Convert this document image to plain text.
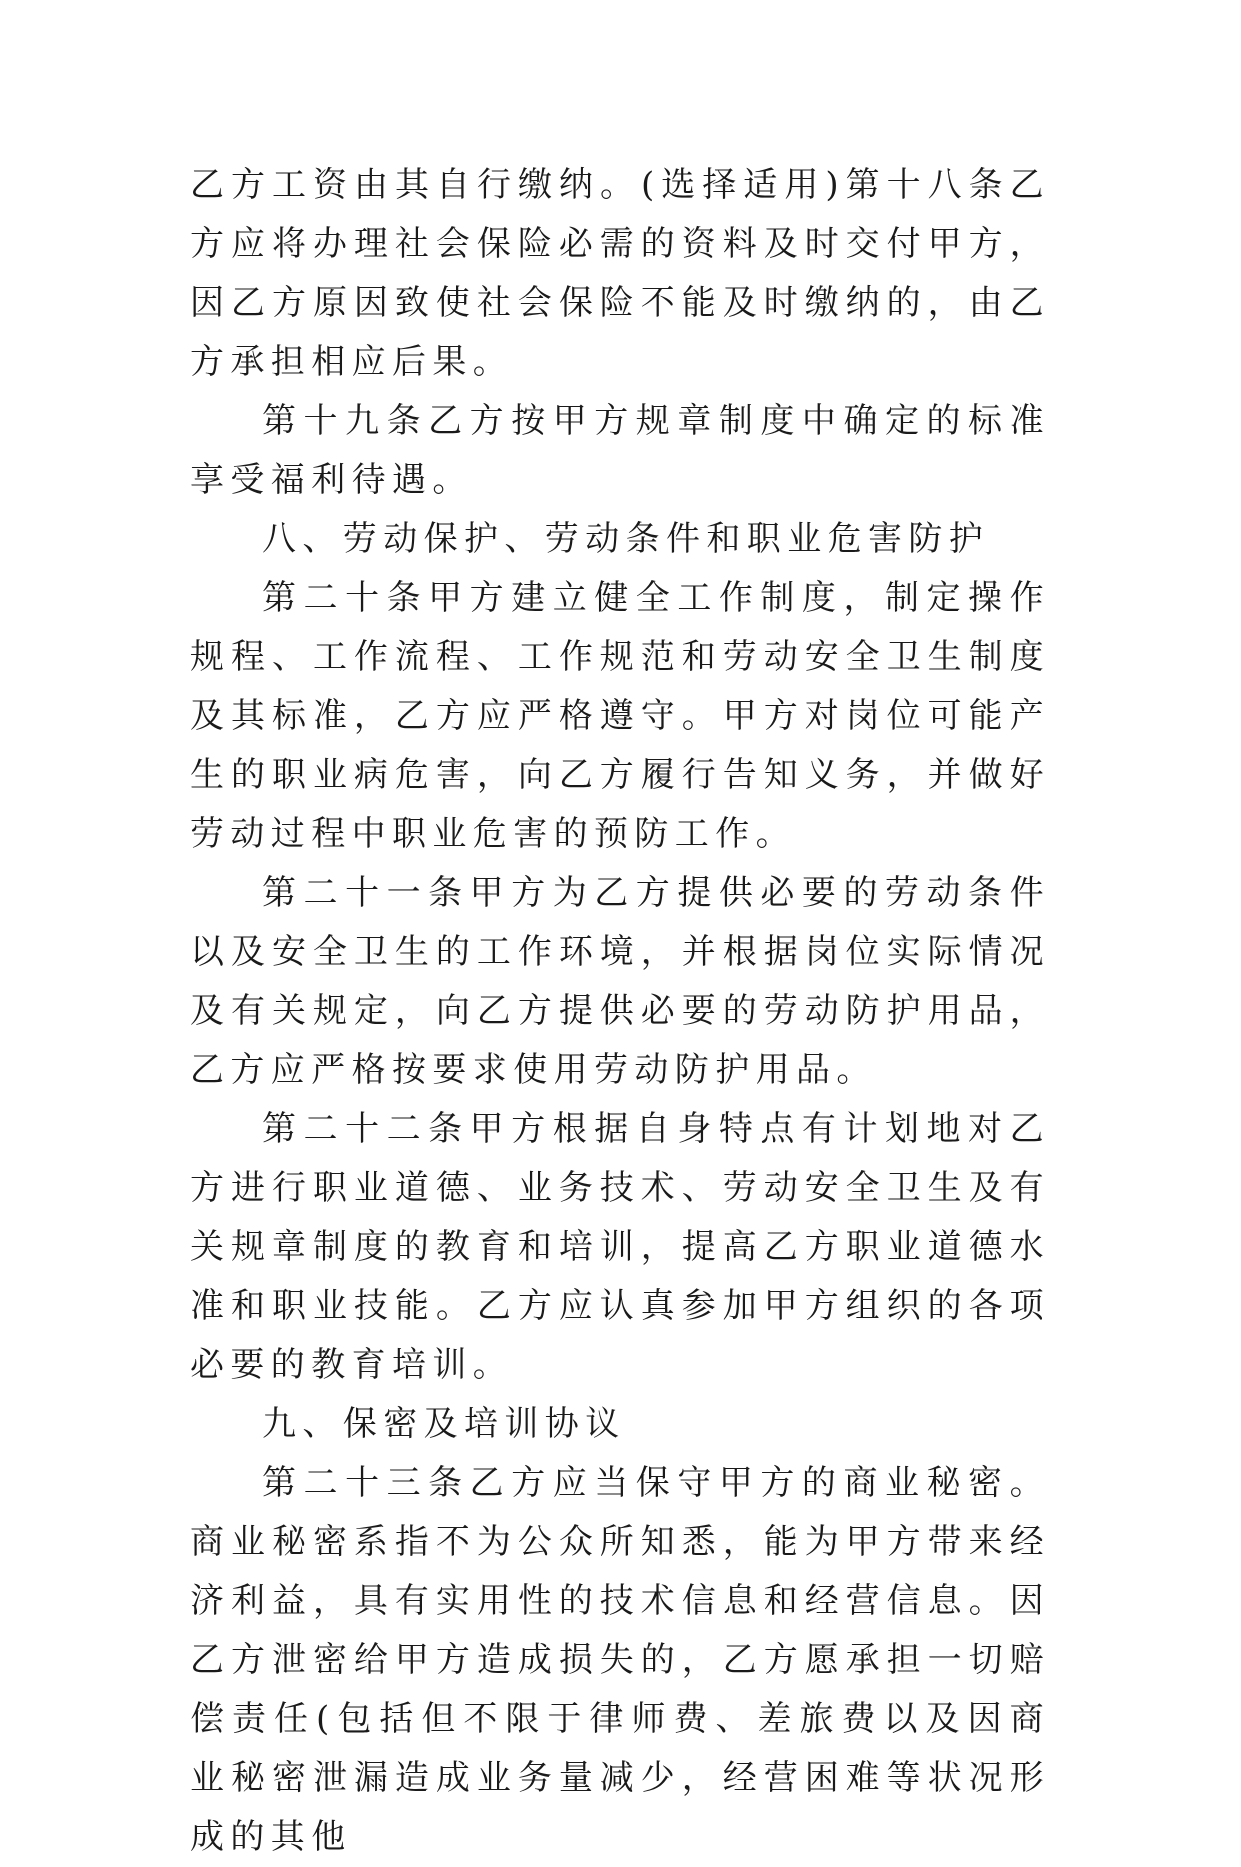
乙方工资由其自行缴纳。(选择适用)第十八条乙方应将办理社会保险必需的资料及时交付甲方，因乙方原因致使社会保险不能及时缴纳的，由乙方承担相应后果。

第十九条乙方按甲方规章制度中确定的标准享受福利待遇。

八、劳动保护、劳动条件和职业危害防护

第二十条甲方建立健全工作制度，制定操作规程、工作流程、工作规范和劳动安全卫生制度及其标准，乙方应严格遵守。甲方对岗位可能产生的职业病危害，向乙方履行告知义务，并做好劳动过程中职业危害的预防工作。

第二十一条甲方为乙方提供必要的劳动条件以及安全卫生的工作环境，并根据岗位实际情况及有关规定，向乙方提供必要的劳动防护用品，乙方应严格按要求使用劳动防护用品。

第二十二条甲方根据自身特点有计划地对乙方进行职业道德、业务技术、劳动安全卫生及有关规章制度的教育和培训，提高乙方职业道德水准和职业技能。乙方应认真参加甲方组织的各项必要的教育培训。

九、保密及培训协议

第二十三条乙方应当保守甲方的商业秘密。商业秘密系指不为公众所知悉，能为甲方带来经济利益，具有实用性的技术信息和经营信息。因乙方泄密给甲方造成损失的，乙方愿承担一切赔偿责任(包括但不限于律师费、差旅费以及因商业秘密泄漏造成业务量减少，经营困难等状况形成的其他
